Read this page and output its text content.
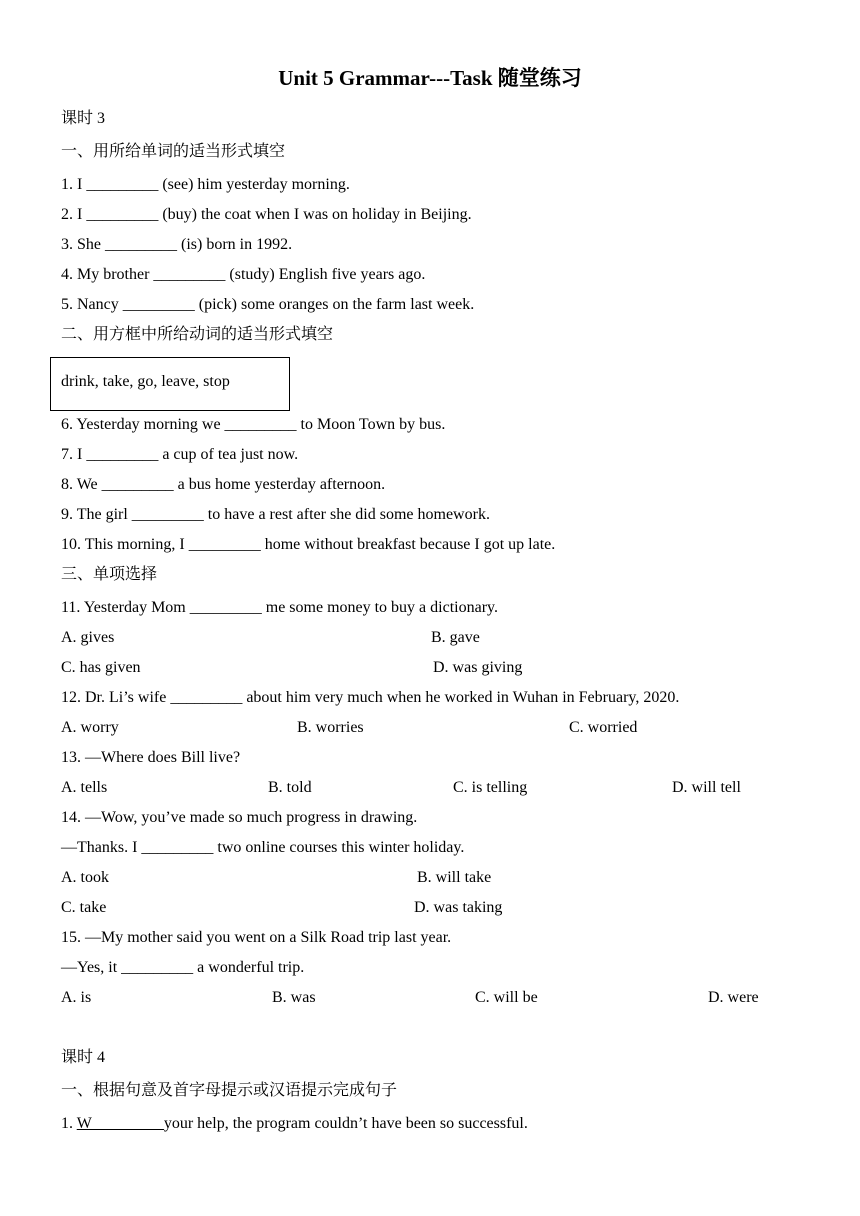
Unit 5 Grammar---Task 随堂练习
课时 3
一、用所给单词的适当形式填空
1. I _________ (see) him yesterday morning.
2. I _________ (buy) the coat when I was on holiday in Beijing.
3. She _________ (is) born in 1992.
4. My brother _________ (study) English five years ago.
5. Nancy _________ (pick) some oranges on the farm last week.
二、用方框中所给动词的适当形式填空
drink, take, go, leave, stop
6. Yesterday morning we _________ to Moon Town by bus.
7. I _________ a cup of tea just now.
8. We _________ a bus home yesterday afternoon.
9. The girl _________ to have a rest after she did some homework.
10. This morning, I _________ home without breakfast because I got up late.
三、单项选择
11. Yesterday Mom _________ me some money to buy a dictionary.
A. gives	B. gave
C. has given	D. was giving
12. Dr. Li’s wife _________ about him very much when he worked in Wuhan in February, 2020.
A. worry	B. worries	C. worried
13. —Where does Bill live?
A. tells	B. told	C. is telling	D. will tell
14. —Wow, you’ve made so much progress in drawing.
—Thanks. I _________ two online courses this winter holiday.
A. took	B. will take
C. take	D. was taking
15. —My mother said you went on a Silk Road trip last year.
—Yes, it _________ a wonderful trip.
A. is	B. was	C. will be	D. were
课时 4
一、根据句意及首字母提示或汉语提示完成句子
1. W_________your help, the program couldn’t have been so successful.
